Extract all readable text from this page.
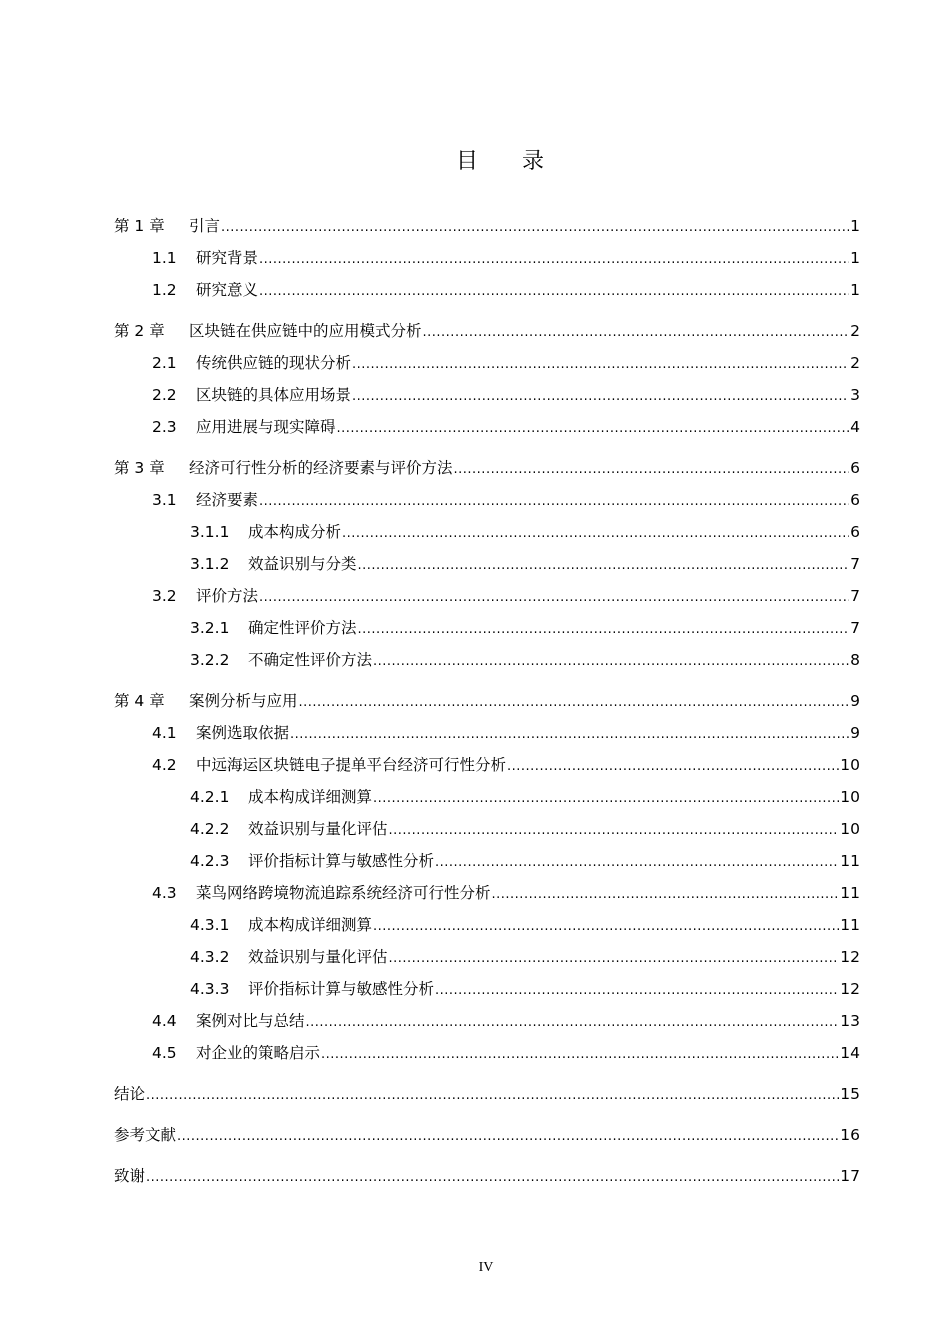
目 录
第 1 章	引言 .....	1
1.1	研究背景 .....	1
1.2	研究意义 .....	1
第 2 章	区块链在供应链中的应用模式分析 .....	2
2.1	传统供应链的现状分析 .....	2
2.2	区块链的具体应用场景 .....	3
2.3	应用进展与现实障碍 .....	4
第 3 章	经济可行性分析的经济要素与评价方法 .....	6
3.1	经济要素 .....	6
3.1.1	成本构成分析 .....	6
3.1.2	效益识别与分类 .....	7
3.2	评价方法 .....	7
3.2.1	确定性评价方法 .....	7
3.2.2	不确定性评价方法 .....	8
第 4 章	案例分析与应用 .....	9
4.1	案例选取依据 .....	9
4.2	中远海运区块链电子提单平台经济可行性分析 .....	10
4.2.1	成本构成详细测算 .....	10
4.2.2	效益识别与量化评估 .....	10
4.2.3	评价指标计算与敏感性分析 .....	11
4.3	菜鸟网络跨境物流追踪系统经济可行性分析 .....	11
4.3.1	成本构成详细测算 .....	11
4.3.2	效益识别与量化评估 .....	12
4.3.3	评价指标计算与敏感性分析 .....	12
4.4	案例对比与总结 .....	13
4.5	对企业的策略启示 .....	14
结论 .....	15
参考文献 .....	16
致谢 .....	17
IV
